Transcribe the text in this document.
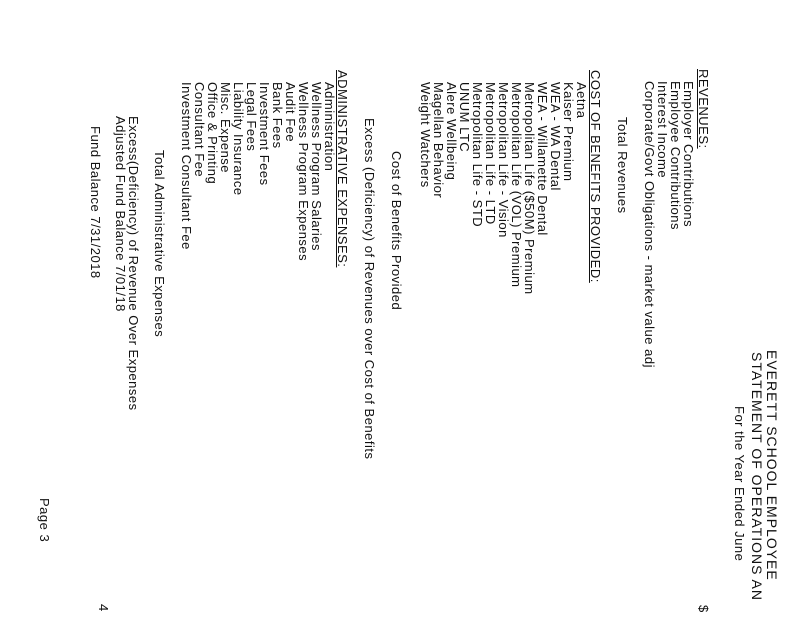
EVERETT SCHOOL EMPLOYEE
STATEMENT OF OPERATIONS AN
For the Year Ended June
REVENUES:
$
Employer Contributions
Employee Contributions
Interest Income
Corporate/Govt Obligations - market value adj
Total Revenues
COST OF BENEFITS PROVIDED:
Aetna
Kaiser Premium
WEA - WA Dental
WEA - Willamette Dental
Metropolitan Life ($50M) Premium
Metropolitan Life (VOL) Premium
Metropolitan Life - Vision
Metropolitan Life - LTD
Metropolitan Life - STD
UNUM LTC
Alere Wellbeing
Magellan Behavior
Weight Watchers
Cost of Benefits Provided
Excess (Deficiency) of Revenues over Cost of Benefits
ADMINISTRATIVE EXPENSES:
Administration
Wellness Program Salaries
Wellness Program Expenses
Audit Fee
Bank Fees
Investment Fees
Legal Fees
Liability Insurance
Misc. Expense
Office & Printing
Consultant Fee
Investment Consultant Fee
Total Administrative Expenses
Excess(Deficiency) of Revenue Over Expenses
Adjusted Fund Balance 7/01/18
Fund Balance 7/31/2018
Page 3
4
